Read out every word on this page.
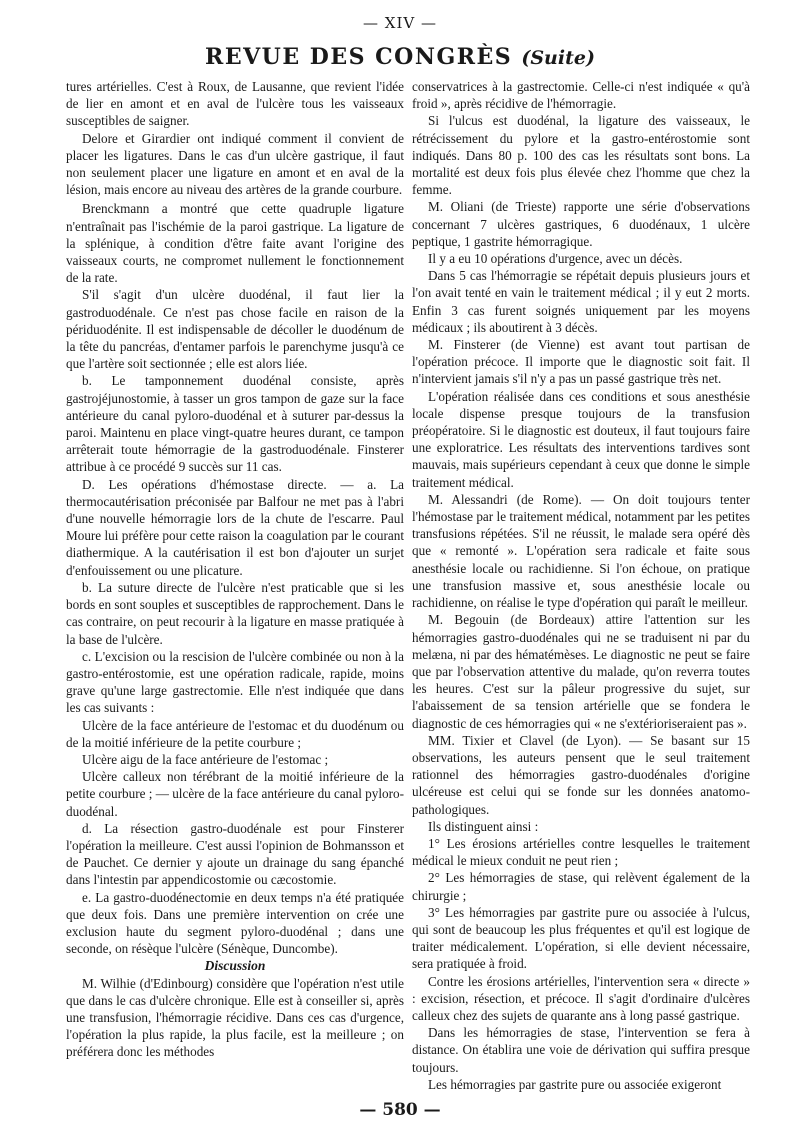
— XIV —
REVUE DES CONGRÈS (Suite)

tures artérielles. C'est à Roux, de Lausanne, que revient l'idée de lier en amont et en aval de l'ulcère tous les vaisseaux susceptibles de saigner.

Delore et Girardier ont indiqué comment il convient de placer les ligatures. Dans le cas d'un ulcère gastrique, il faut non seulement placer une ligature en amont et en aval de la lésion, mais encore au niveau des artères de la grande courbure.

Brenckmann a montré que cette quadruple ligature n'entraînait pas l'ischémie de la paroi gastrique. La ligature de la splénique, à condition d'être faite avant l'origine des vaisseaux courts, ne compromet nullement le fonctionnement de la rate.

S'il s'agit d'un ulcère duodénal, il faut lier la gastroduodénale. Ce n'est pas chose facile en raison de la périduodénite. Il est indispensable de décoller le duodénum de la tête du pancréas, d'entamer parfois le parenchyme jusqu'à ce que l'artère soit sectionnée ; elle est alors liée.

b. Le tamponnement duodénal consiste, après gastrojéjunostomie, à tasser un gros tampon de gaze sur la face antérieure du canal pyloro-duodénal et à suturer par-dessus la paroi. Maintenu en place vingt-quatre heures durant, ce tampon arrêterait toute hémorragie de la gastroduodénale. Finsterer attribue à ce procédé 9 succès sur 11 cas.

D. Les opérations d'hémostase directe. — a. La thermocautérisation préconisée par Balfour ne met pas à l'abri d'une nouvelle hémorragie lors de la chute de l'escarre. Paul Moure lui préfère pour cette raison la coagulation par le courant diathermique. A la cautérisation il est bon d'ajouter un surjet d'enfouissement ou une plicature.

b. La suture directe de l'ulcère n'est praticable que si les bords en sont souples et susceptibles de rapprochement. Dans le cas contraire, on peut recourir à la ligature en masse pratiquée à la base de l'ulcère.

c. L'excision ou la rescision de l'ulcère combinée ou non à la gastro-entérostomie, est une opération radicale, rapide, moins grave qu'une large gastrectomie. Elle n'est indiquée que dans les cas suivants :

Ulcère de la face antérieure de l'estomac et du duodénum ou de la moitié inférieure de la petite courbure ;

Ulcère aigu de la face antérieure de l'estomac ;

Ulcère calleux non térébrant de la moitié inférieure de la petite courbure ; — ulcère de la face antérieure du canal pyloro-duodénal.

d. La résection gastro-duodénale est pour Finsterer l'opération la meilleure. C'est aussi l'opinion de Bohmansson et de Pauchet. Ce dernier y ajoute un drainage du sang épanché dans l'intestin par appendicostomie ou cæcostomie.

e. La gastro-duodénectomie en deux temps n'a été pratiquée que deux fois. Dans une première intervention on crée une exclusion haute du segment pyloro-duodénal ; dans une seconde, on résèque l'ulcère (Sénèque, Duncombe).

Discussion

M. Wilhie (d'Edinbourg) considère que l'opération n'est utile que dans le cas d'ulcère chronique. Elle est à conseiller si, après une transfusion, l'hémorragie récidive. Dans ces cas d'urgence, l'opération la plus rapide, la plus facile, est la meilleure ; on préférera donc les méthodes

conservatrices à la gastrectomie. Celle-ci n'est indiquée « qu'à froid », après récidive de l'hémorragie.

Si l'ulcus est duodénal, la ligature des vaisseaux, le rétrécissement du pylore et la gastro-entérostomie sont indiqués. Dans 80 p. 100 des cas les résultats sont bons. La mortalité est deux fois plus élevée chez l'homme que chez la femme.

M. Oliani (de Trieste) rapporte une série d'observations concernant 7 ulcères gastriques, 6 duodénaux, 1 ulcère peptique, 1 gastrite hémorragique.

Il y a eu 10 opérations d'urgence, avec un décès.

Dans 5 cas l'hémorragie se répétait depuis plusieurs jours et l'on avait tenté en vain le traitement médical ; il y eut 2 morts. Enfin 3 cas furent soignés uniquement par les moyens médicaux ; ils aboutirent à 3 décès.

M. Finsterer (de Vienne) est avant tout partisan de l'opération précoce. Il importe que le diagnostic soit fait. Il n'intervient jamais s'il n'y a pas un passé gastrique très net.

L'opération réalisée dans ces conditions et sous anesthésie locale dispense presque toujours de la transfusion préopératoire. Si le diagnostic est douteux, il faut toujours faire une exploratrice. Les résultats des interventions tardives sont mauvais, mais supérieurs cependant à ceux que donne le simple traitement médical.

M. Alessandri (de Rome). — On doit toujours tenter l'hémostase par le traitement médical, notamment par les petites transfusions répétées. S'il ne réussit, le malade sera opéré dès que « remonté ». L'opération sera radicale et faite sous anesthésie locale ou rachidienne. Si l'on échoue, on pratique une transfusion massive et, sous anesthésie locale ou rachidienne, on réalise le type d'opération qui paraît le meilleur.

M. Begouin (de Bordeaux) attire l'attention sur les hémorragies gastro-duodénales qui ne se traduisent ni par du melæna, ni par des hématémèses. Le diagnostic ne peut se faire que par l'observation attentive du malade, qu'on reverra toutes les heures. C'est sur la pâleur progressive du sujet, sur l'abaissement de sa tension artérielle que se fondera le diagnostic de ces hémorragies qui « ne s'extérioriseraient pas ».

MM. Tixier et Clavel (de Lyon). — Se basant sur 15 observations, les auteurs pensent que le seul traitement rationnel des hémorragies gastro-duodénales d'origine ulcéreuse est celui qui se fonde sur les données anatomo-pathologiques.

Ils distinguent ainsi :

1° Les érosions artérielles contre lesquelles le traitement médical le mieux conduit ne peut rien ;

2° Les hémorragies de stase, qui relèvent également de la chirurgie ;

3° Les hémorragies par gastrite pure ou associée à l'ulcus, qui sont de beaucoup les plus fréquentes et qu'il est logique de traiter médicalement. L'opération, si elle devient nécessaire, sera pratiquée à froid.

Contre les érosions artérielles, l'intervention sera « directe » : excision, résection, et précoce. Il s'agit d'ordinaire d'ulcères calleux chez des sujets de quarante ans à long passé gastrique.

Dans les hémorragies de stase, l'intervention se fera à distance. On établira une voie de dérivation qui suffira presque toujours.

Les hémorragies par gastrite pure ou associée exigeront

— 580 —
